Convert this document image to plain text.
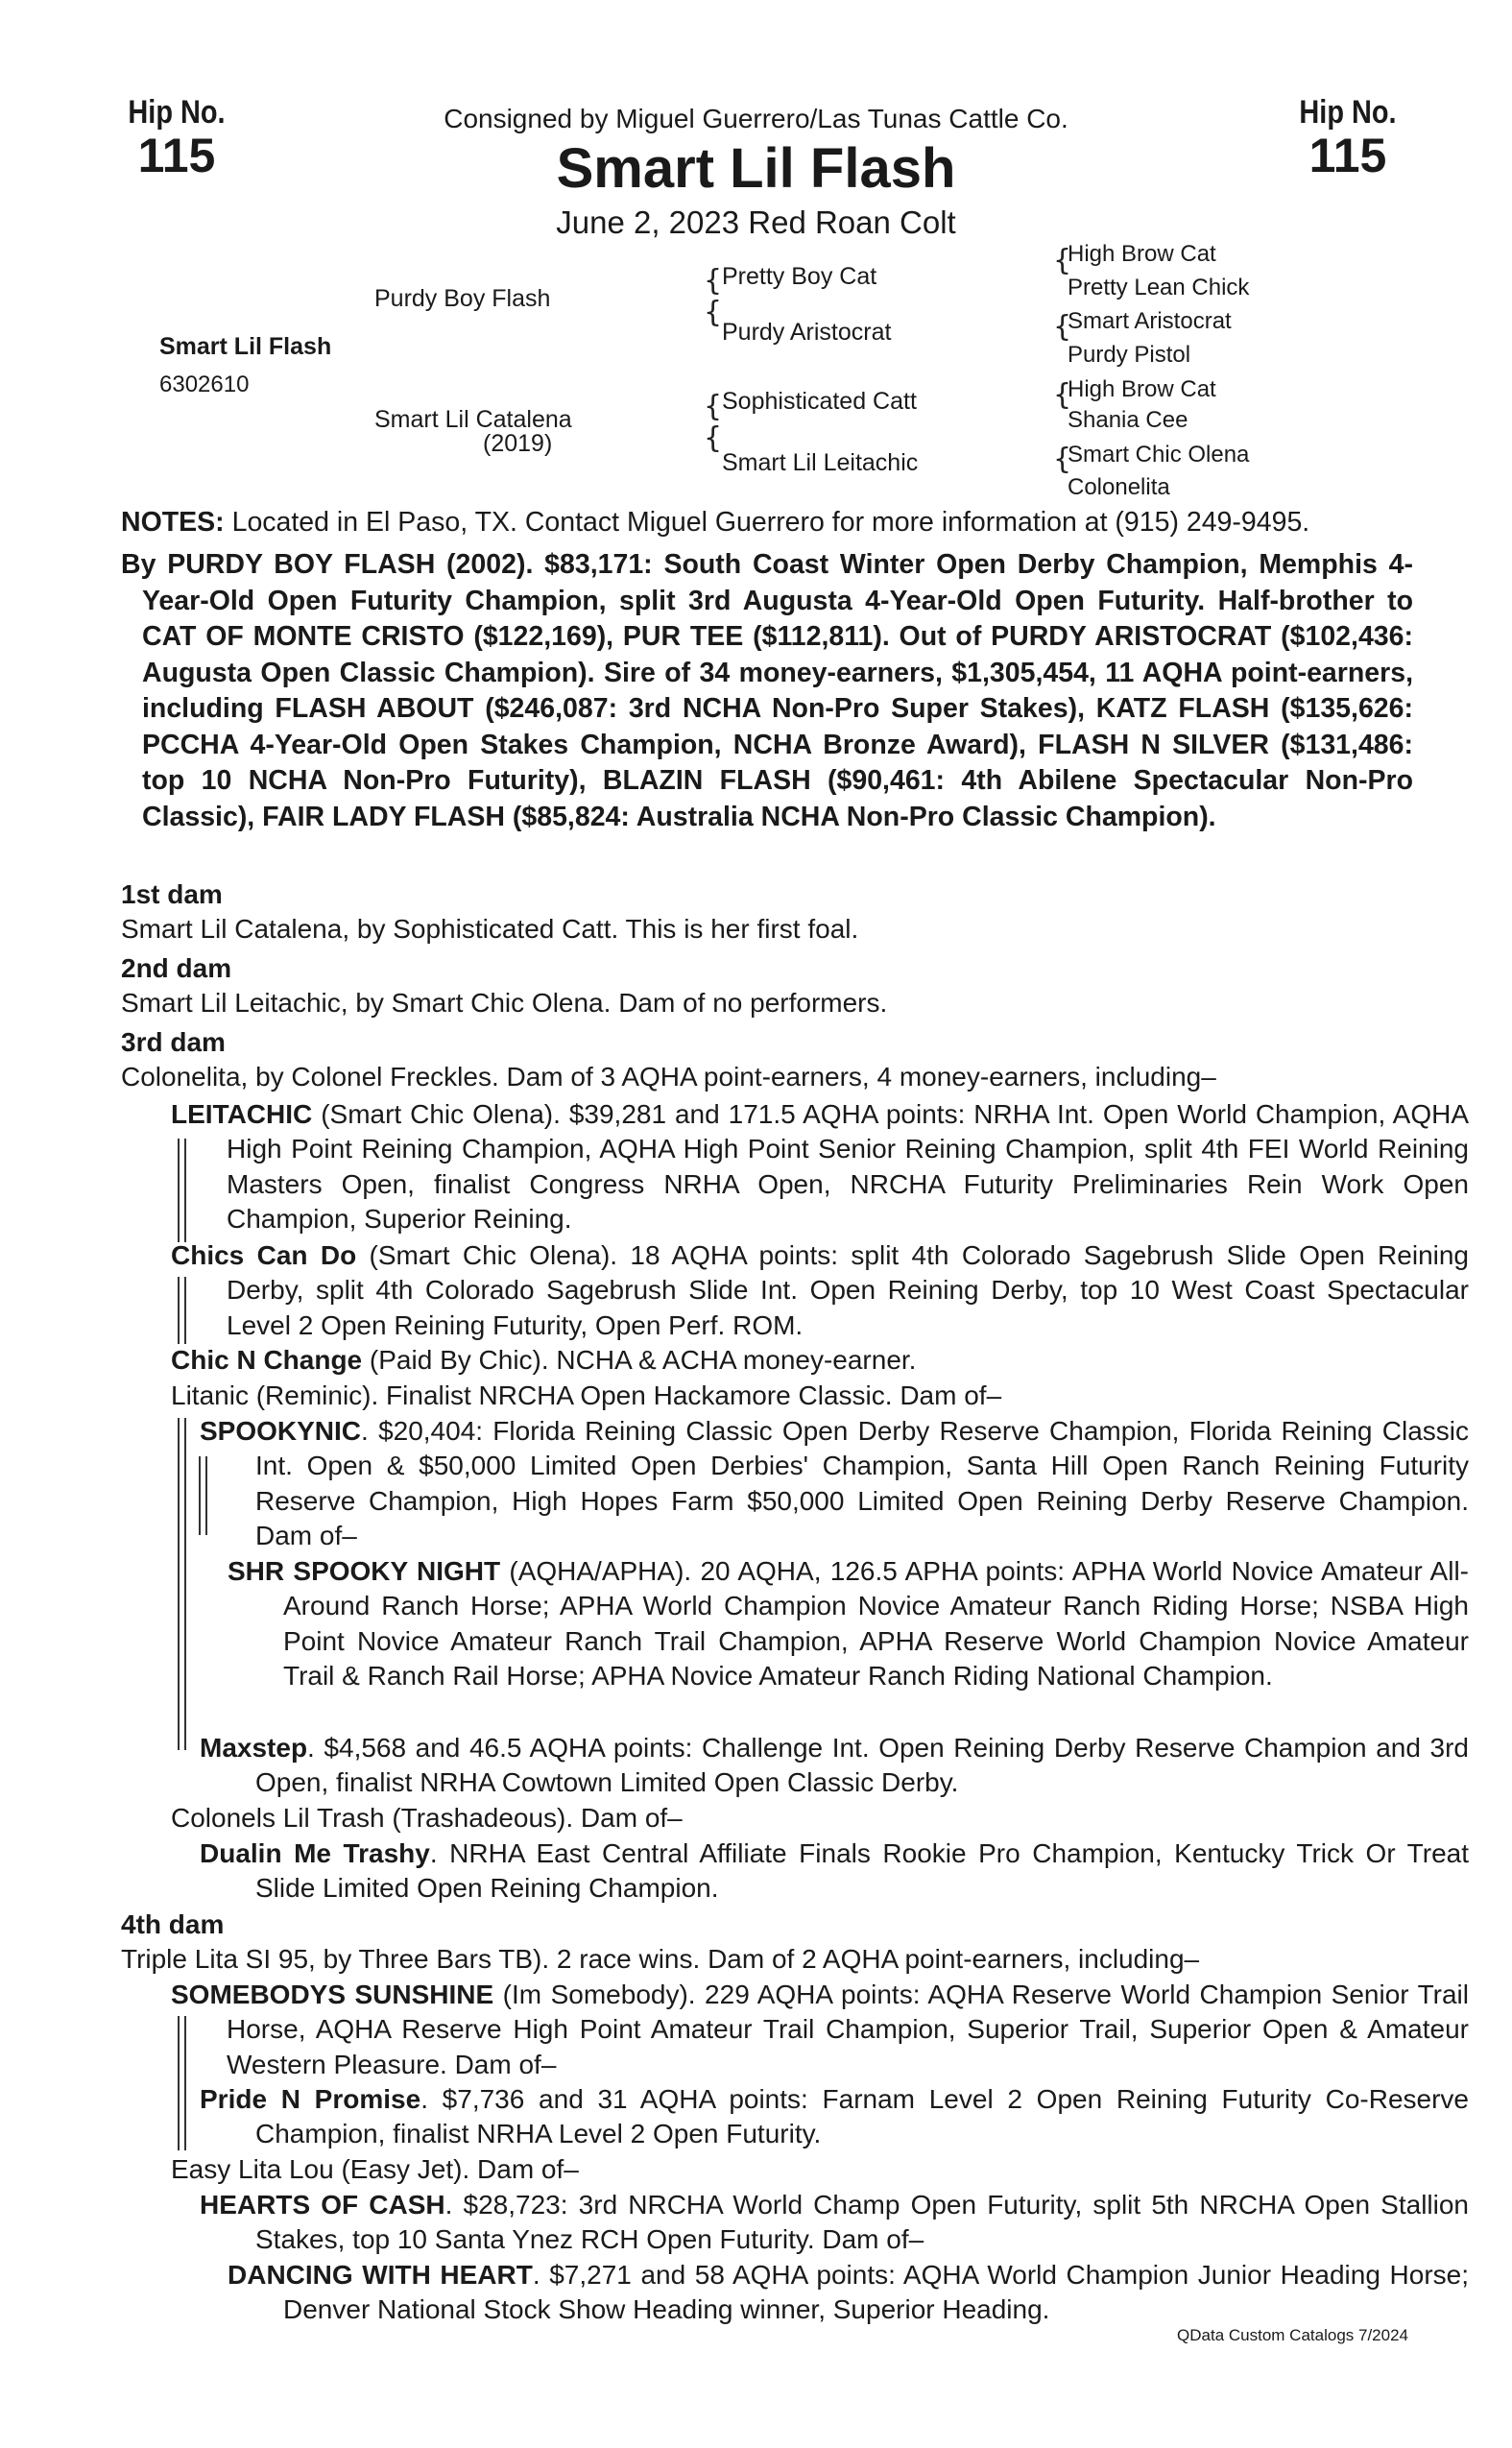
Hip No.
115
Hip No.
115
Consigned by Miguel Guerrero/Las Tunas Cattle Co.
Smart Lil Flash
June 2, 2023 Red Roan Colt
Smart Lil Flash
6302610
Purdy Boy Flash
Smart Lil Catalena
(2019)
{
{
Pretty Boy Cat
Purdy Aristocrat
{
{
Sophisticated Catt
Smart Lil Leitachic
{
High Brow Cat
Pretty Lean Chick
{
Smart Aristocrat
Purdy Pistol
{
High Brow Cat
Shania Cee
{
Smart Chic Olena
Colonelita
NOTES: Located in El Paso, TX. Contact Miguel Guerrero for more information at (915) 249-9495.
By PURDY BOY FLASH (2002). $83,171: South Coast Winter Open Derby Champion, Memphis 4-Year-Old Open Futurity Champion, split 3rd Augusta 4-Year-Old Open Futurity. Half-brother to CAT OF MONTE CRISTO ($122,169), PUR TEE ($112,811). Out of PURDY ARISTOCRAT ($102,436: Augusta Open Classic Champion). Sire of 34 money-earners, $1,305,454, 11 AQHA point-earners, including FLASH ABOUT ($246,087: 3rd NCHA Non-Pro Super Stakes), KATZ FLASH ($135,626: PCCHA 4-Year-Old Open Stakes Champion, NCHA Bronze Award), FLASH N SILVER ($131,486: top 10 NCHA Non-Pro Futurity), BLAZIN FLASH ($90,461: 4th Abilene Spectacular Non-Pro Classic), FAIR LADY FLASH ($85,824: Australia NCHA Non-Pro Classic Champion).
1st dam
Smart Lil Catalena, by Sophisticated Catt. This is her first foal.
2nd dam
Smart Lil Leitachic, by Smart Chic Olena. Dam of no performers.
3rd dam
Colonelita, by Colonel Freckles. Dam of 3 AQHA point-earners, 4 money-earners, including–
LEITACHIC (Smart Chic Olena). $39,281 and 171.5 AQHA points: NRHA Int. Open World Champion, AQHA High Point Reining Champion, AQHA High Point Senior Reining Champion, split 4th FEI World Reining Masters Open, finalist Congress NRHA Open, NRCHA Futurity Preliminaries Rein Work Open Champion, Superior Reining.
Chics Can Do (Smart Chic Olena). 18 AQHA points: split 4th Colorado Sagebrush Slide Open Reining Derby, split 4th Colorado Sagebrush Slide Int. Open Reining Derby, top 10 West Coast Spectacular Level 2 Open Reining Futurity, Open Perf. ROM.
Chic N Change (Paid By Chic). NCHA & ACHA money-earner.
Litanic (Reminic). Finalist NRCHA Open Hackamore Classic. Dam of–
SPOOKYNIC. $20,404: Florida Reining Classic Open Derby Reserve Champion, Florida Reining Classic Int. Open & $50,000 Limited Open Derbies' Champion, Santa Hill Open Ranch Reining Futurity Reserve Champion, High Hopes Farm $50,000 Limited Open Reining Derby Reserve Champion. Dam of–
SHR SPOOKY NIGHT (AQHA/APHA). 20 AQHA, 126.5 APHA points: APHA World Novice Amateur All-Around Ranch Horse; APHA World Champion Novice Amateur Ranch Riding Horse; NSBA High Point Novice Amateur Ranch Trail Champion, APHA Reserve World Champion Novice Amateur Trail & Ranch Rail Horse; APHA Novice Amateur Ranch Riding National Champion.
Maxstep. $4,568 and 46.5 AQHA points: Challenge Int. Open Reining Derby Reserve Champion and 3rd Open, finalist NRHA Cowtown Limited Open Classic Derby.
Colonels Lil Trash (Trashadeous). Dam of–
Dualin Me Trashy. NRHA East Central Affiliate Finals Rookie Pro Champion, Kentucky Trick Or Treat Slide Limited Open Reining Champion.
4th dam
Triple Lita SI 95, by Three Bars TB). 2 race wins. Dam of 2 AQHA point-earners, including–
SOMEBODYS SUNSHINE (Im Somebody). 229 AQHA points: AQHA Reserve World Champion Senior Trail Horse, AQHA Reserve High Point Amateur Trail Champion, Superior Trail, Superior Open & Amateur Western Pleasure. Dam of–
Pride N Promise. $7,736 and 31 AQHA points: Farnam Level 2 Open Reining Futurity Co-Reserve Champion, finalist NRHA Level 2 Open Futurity.
Easy Lita Lou (Easy Jet). Dam of–
HEARTS OF CASH. $28,723: 3rd NRCHA World Champ Open Futurity, split 5th NRCHA Open Stallion Stakes, top 10 Santa Ynez RCH Open Futurity. Dam of–
DANCING WITH HEART. $7,271 and 58 AQHA points: AQHA World Champion Junior Heading Horse; Denver National Stock Show Heading winner, Superior Heading.
QData Custom Catalogs 7/2024
